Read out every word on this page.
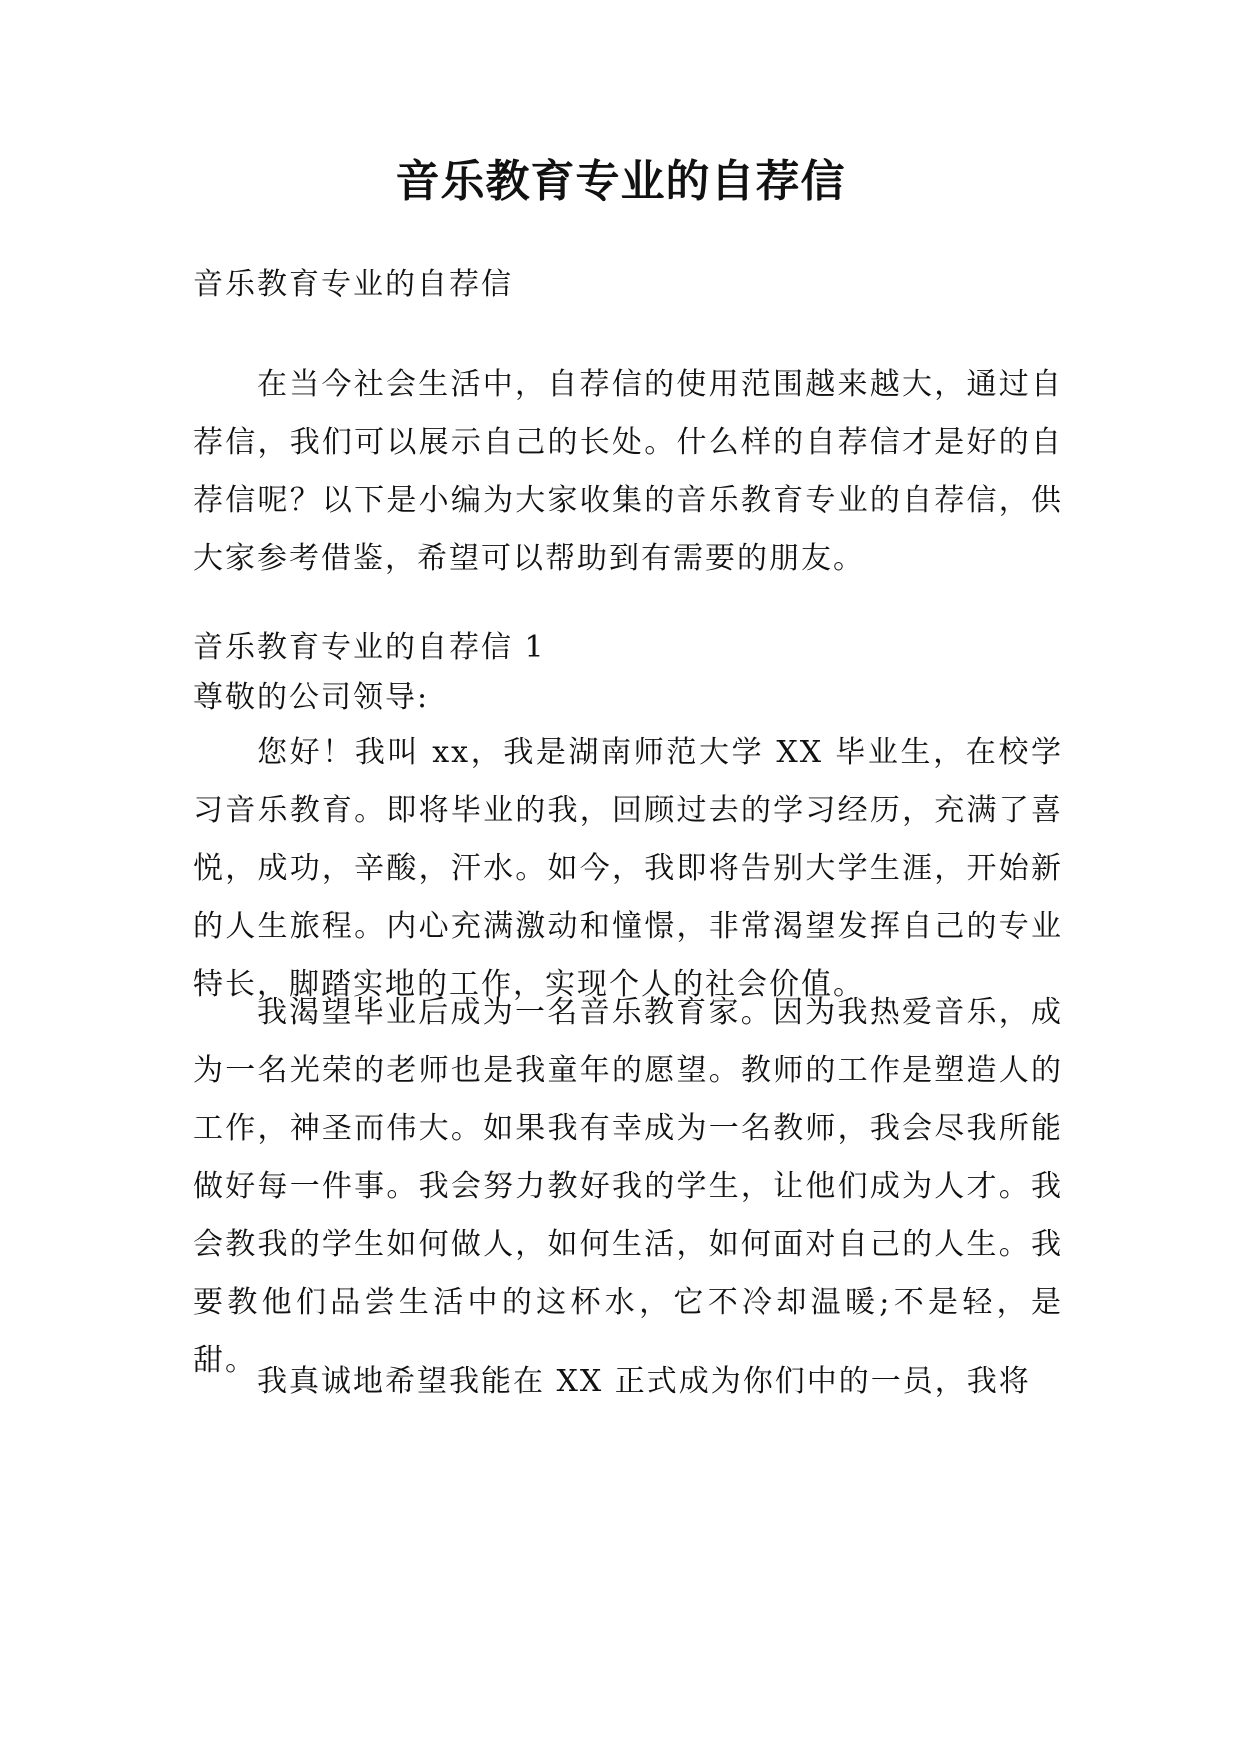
音乐教育专业的自荐信

音乐教育专业的自荐信

在当今社会生活中，自荐信的使用范围越来越大，通过自荐信，我们可以展示自己的长处。什么样的自荐信才是好的自荐信呢？以下是小编为大家收集的音乐教育专业的自荐信，供大家参考借鉴，希望可以帮助到有需要的朋友。

音乐教育专业的自荐信 1

尊敬的公司领导:

您好！我叫 xx，我是湖南师范大学 XX 毕业生，在校学习音乐教育。即将毕业的我，回顾过去的学习经历，充满了喜悦，成功，辛酸，汗水。如今，我即将告别大学生涯，开始新的人生旅程。内心充满激动和憧憬，非常渴望发挥自己的专业特长，脚踏实地的工作，实现个人的社会价值。

我渴望毕业后成为一名音乐教育家。因为我热爱音乐，成为一名光荣的老师也是我童年的愿望。教师的工作是塑造人的工作，神圣而伟大。如果我有幸成为一名教师，我会尽我所能做好每一件事。我会努力教好我的学生，让他们成为人才。我会教我的学生如何做人，如何生活，如何面对自己的人生。我要教他们品尝生活中的这杯水，它不冷却温暖;不是轻，是甜。

我真诚地希望我能在 XX 正式成为你们中的一员，我将
